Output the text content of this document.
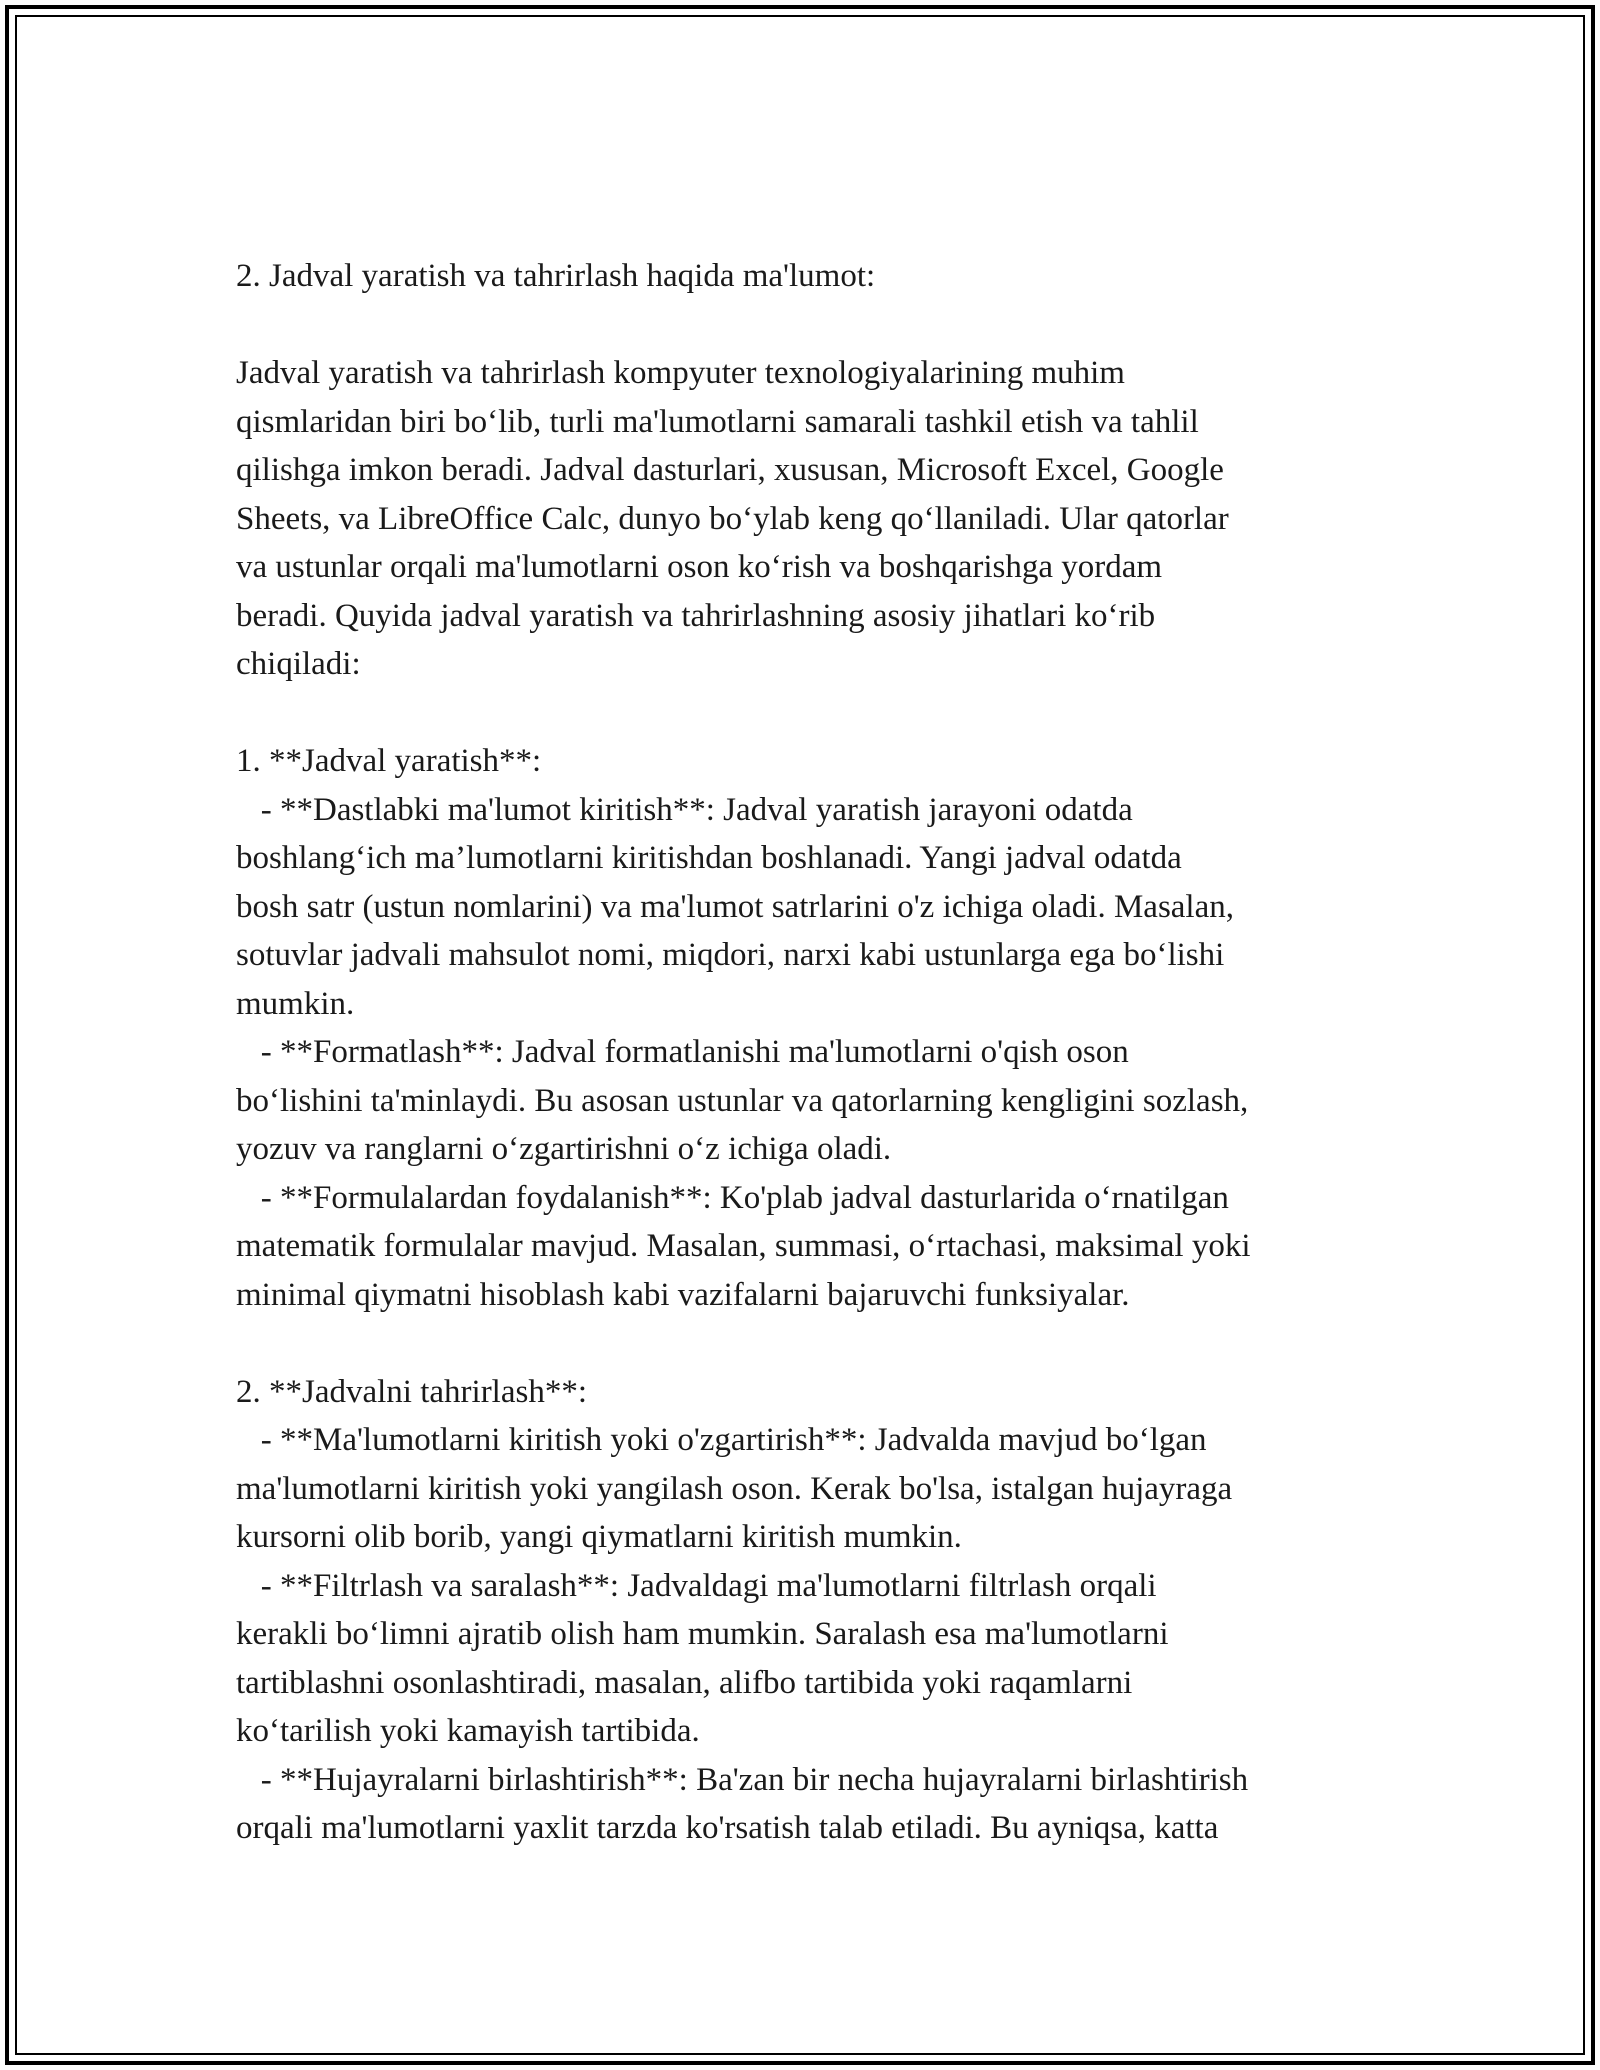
2. Jadval yaratish va tahrirlash haqida ma'lumot:
Jadval yaratish va tahrirlash kompyuter texnologiyalarining muhim
qismlaridan biri bo‘lib, turli ma'lumotlarni samarali tashkil etish va tahlil
qilishga imkon beradi. Jadval dasturlari, xususan, Microsoft Excel, Google
Sheets, va LibreOffice Calc, dunyo bo‘ylab keng qo‘llaniladi. Ular qatorlar
va ustunlar orqali ma'lumotlarni oson ko‘rish va boshqarishga yordam
beradi. Quyida jadval yaratish va tahrirlashning asosiy jihatlari ko‘rib
chiqiladi:
1. **Jadval yaratish**:
- **Dastlabki ma'lumot kiritish**: Jadval yaratish jarayoni odatda
boshlang‘ich ma’lumotlarni kiritishdan boshlanadi. Yangi jadval odatda
bosh satr (ustun nomlarini) va ma'lumot satrlarini o'z ichiga oladi. Masalan,
sotuvlar jadvali mahsulot nomi, miqdori, narxi kabi ustunlarga ega bo‘lishi
mumkin.
- **Formatlash**: Jadval formatlanishi ma'lumotlarni o'qish oson
bo‘lishini ta'minlaydi. Bu asosan ustunlar va qatorlarning kengligini sozlash,
yozuv va ranglarni o‘zgartirishni o‘z ichiga oladi.
- **Formulalardan foydalanish**: Ko'plab jadval dasturlarida o‘rnatilgan
matematik formulalar mavjud. Masalan, summasi, o‘rtachasi, maksimal yoki
minimal qiymatni hisoblash kabi vazifalarni bajaruvchi funksiyalar.
2. **Jadvalni tahrirlash**:
- **Ma'lumotlarni kiritish yoki o'zgartirish**: Jadvalda mavjud bo‘lgan
ma'lumotlarni kiritish yoki yangilash oson. Kerak bo'lsa, istalgan hujayraga
kursorni olib borib, yangi qiymatlarni kiritish mumkin.
- **Filtrlash va saralash**: Jadvaldagi ma'lumotlarni filtrlash orqali
kerakli bo‘limni ajratib olish ham mumkin. Saralash esa ma'lumotlarni
tartiblashni osonlashtiradi, masalan, alifbo tartibida yoki raqamlarni
ko‘tarilish yoki kamayish tartibida.
- **Hujayralarni birlashtirish**: Ba'zan bir necha hujayralarni birlashtirish
orqali ma'lumotlarni yaxlit tarzda ko'rsatish talab etiladi. Bu ayniqsa, katta
